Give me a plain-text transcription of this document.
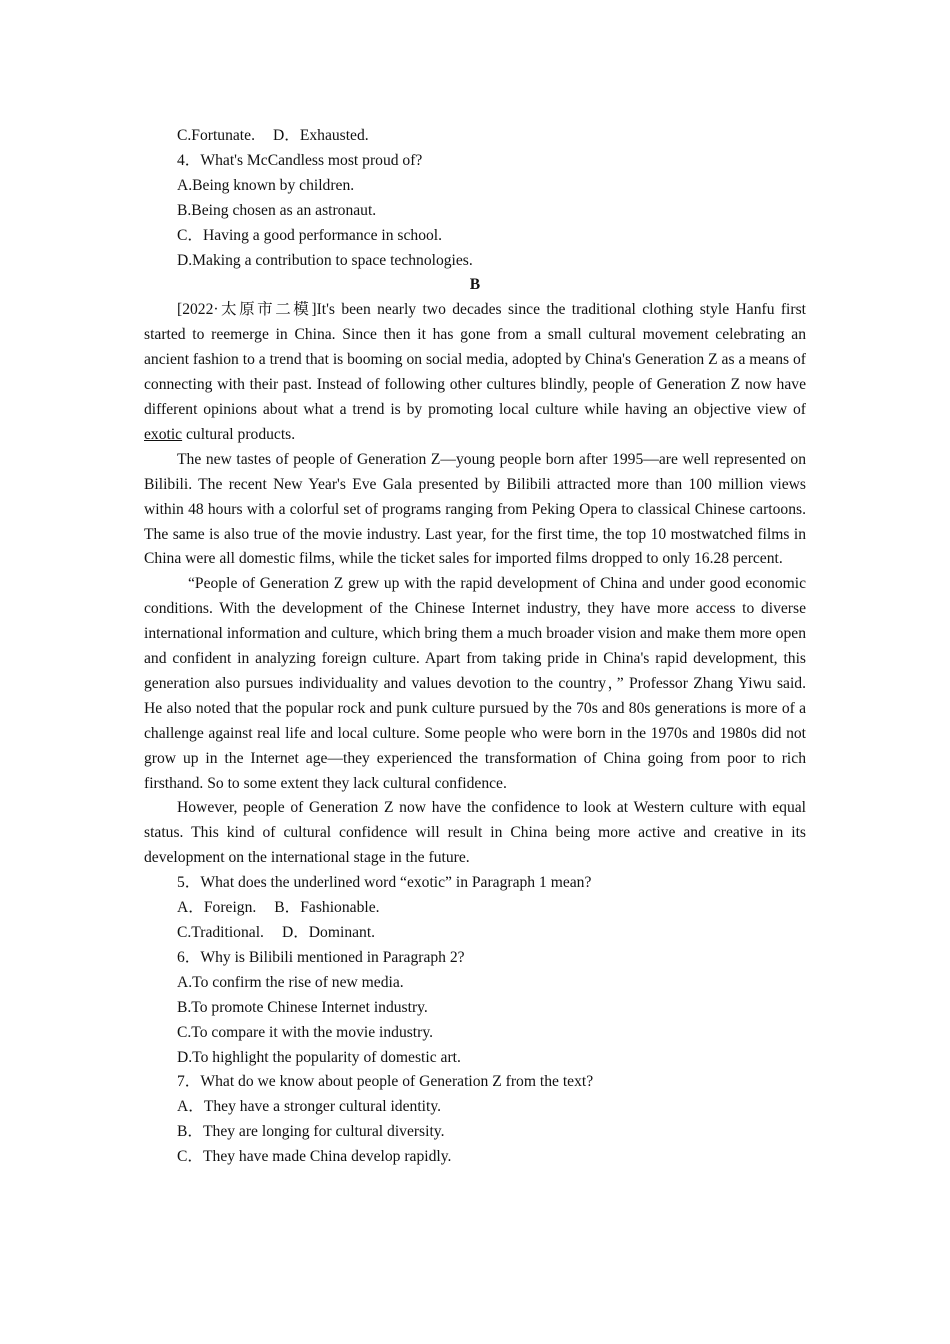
C.Fortunate. D．Exhausted.

4．What's McCandless most proud of?

A.Being known by children.

B.Being chosen as an astronaut.

C．Having a good performance in school.

D.Making a contribution to space technologies.

B

[2022·太原市二模]It's been nearly two decades since the traditional clothing style Hanfu first started to reemerge in China. Since then it has gone from a small cultural movement celebrating an ancient fashion to a trend that is booming on social media, adopted by China's Generation Z as a means of connecting with their past. Instead of following other cultures blindly, people of Generation Z now have different opinions about what a trend is by promoting local culture while having an objective view of exotic cultural products.

The new tastes of people of Generation Z—young people born after 1995—are well represented on Bilibili. The recent New Year's Eve Gala presented by Bilibili attracted more than 100 million views within 48 hours with a colorful set of programs ranging from Peking Opera to classical Chinese cartoons. The same is also true of the movie industry. Last year, for the first time, the top 10 mostwatched films in China were all domestic films, while the ticket sales for imported films dropped to only 16.28 percent.

“People of Generation Z grew up with the rapid development of China and under good economic conditions. With the development of the Chinese Internet industry, they have more access to diverse international information and culture, which bring them a much broader vision and make them more open and confident in analyzing foreign culture. Apart from taking pride in China's rapid development, this generation also pursues individuality and values devotion to the country，” Professor Zhang Yiwu said. He also noted that the popular rock and punk culture pursued by the 70s and 80s generations is more of a challenge against real life and local culture. Some people who were born in the 1970s and 1980s did not grow up in the Internet age—they experienced the transformation of China going from poor to rich firsthand. So to some extent they lack cultural confidence.

However, people of Generation Z now have the confidence to look at Western culture with equal status. This kind of cultural confidence will result in China being more active and creative in its development on the international stage in the future.

5．What does the underlined word “exotic” in Paragraph 1 mean?

A．Foreign. B．Fashionable.

C.Traditional. D．Dominant.

6．Why is Bilibili mentioned in Paragraph 2?

A.To confirm the rise of new media.

B.To promote Chinese Internet industry.

C.To compare it with the movie industry.

D.To highlight the popularity of domestic art.

7．What do we know about people of Generation Z from the text?

A．They have a stronger cultural identity.

B．They are longing for cultural diversity.

C．They have made China develop rapidly.
